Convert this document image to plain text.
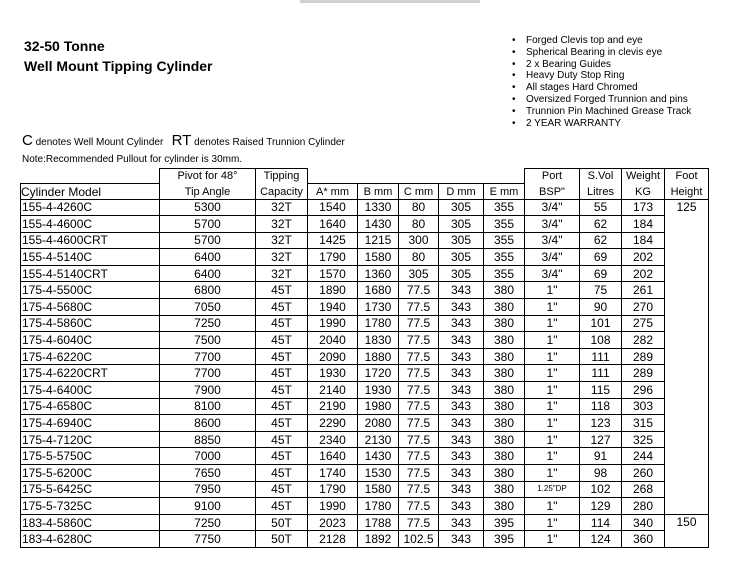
32-50 Tonne
Well Mount Tipping Cylinder
• Forged Clevis top and eye
• Spherical Bearing in clevis eye
• 2 x Bearing Guides
• Heavy Duty Stop Ring
• All stages Hard Chromed
• Oversized Forged Trunnion and pins
• Trunnion Pin Machined Grease Track
• 2 YEAR WARRANTY
C denotes Well Mount Cylinder RT denotes Raised Trunnion Cylinder
Note:Recommended Pullout for cylinder is 30mm.
	Pivot for 48°	Tipping						Port	S.Vol	Weight	Foot
Cylinder Model	Tip Angle	Capacity	A* mm	B mm	C mm	D mm	E mm	BSP"	Litres	KG	Height
155-4-4260C	5300	32T	1540	1330	80	305	355	3/4"	55	173	125
155-4-4600C	5700	32T	1640	1430	80	305	355	3/4"	62	184	
155-4-4600CRT	5700	32T	1425	1215	300	305	355	3/4"	62	184	
155-4-5140C	6400	32T	1790	1580	80	305	355	3/4"	69	202	
155-4-5140CRT	6400	32T	1570	1360	305	305	355	3/4"	69	202	
175-4-5500C	6800	45T	1890	1680	77.5	343	380	1"	75	261	
175-4-5680C	7050	45T	1940	1730	77.5	343	380	1"	90	270	
175-4-5860C	7250	45T	1990	1780	77.5	343	380	1"	101	275	
175-4-6040C	7500	45T	2040	1830	77.5	343	380	1"	108	282	
175-4-6220C	7700	45T	2090	1880	77.5	343	380	1"	111	289	
175-4-6220CRT	7700	45T	1930	1720	77.5	343	380	1"	111	289	
175-4-6400C	7900	45T	2140	1930	77.5	343	380	1"	115	296	
175-4-6580C	8100	45T	2190	1980	77.5	343	380	1"	118	303	
175-4-6940C	8600	45T	2290	2080	77.5	343	380	1"	123	315	
175-4-7120C	8850	45T	2340	2130	77.5	343	380	1"	127	325	
175-5-5750C	7000	45T	1640	1430	77.5	343	380	1"	91	244	
175-5-6200C	7650	45T	1740	1530	77.5	343	380	1"	98	260	
175-5-6425C	7950	45T	1790	1580	77.5	343	380	1.25"DP	102	268	
175-5-7325C	9100	45T	1990	1780	77.5	343	380	1"	129	280	
183-4-5860C	7250	50T	2023	1788	77.5	343	395	1"	114	340	150
183-4-6280C	7750	50T	2128	1892	102.5	343	395	1"	124	360	
